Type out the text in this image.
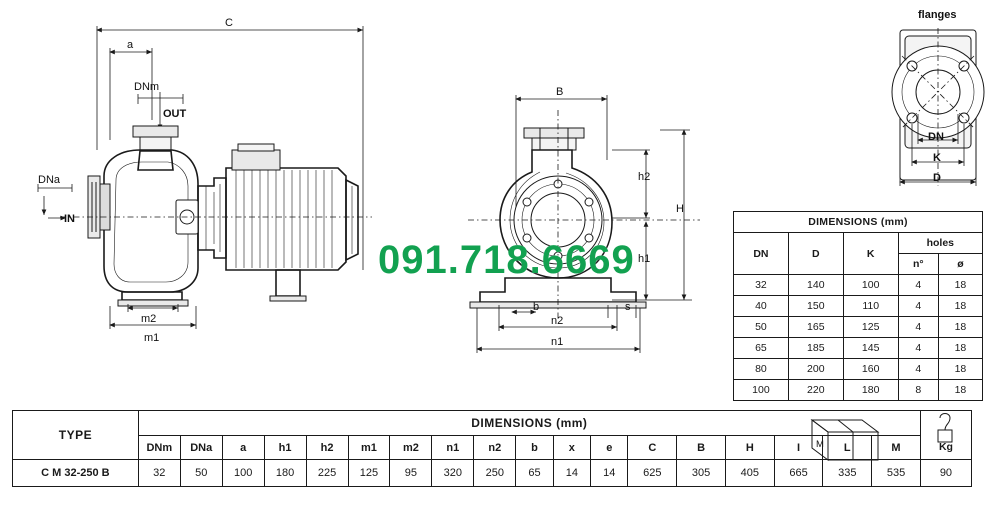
C
a
DNm
OUT
DNa
IN
m2
m1
B
h2
h1
H
b	s
n2
n1
flanges
DN
K
D
M
091.718.6669
DIMENSIONS (mm)				
DN	D	K	holes	
			n°	ø
32	140	100	4	18
40	150	110	4	18
50	165	125	4	18
65	185	145	4	18
80	200	160	4	18
100	220	180	8	18
TYPE	DIMENSIONS (mm)																		Kg
	DNm	DNa	a	h1	h2	m1	m2	n1	n2	b	x	e	C	B	H	I	L	M	
C M 32-250 B	32	50	100	180	225	125	95	320	250	65	14	14	625	305	405	665	335	535	90
